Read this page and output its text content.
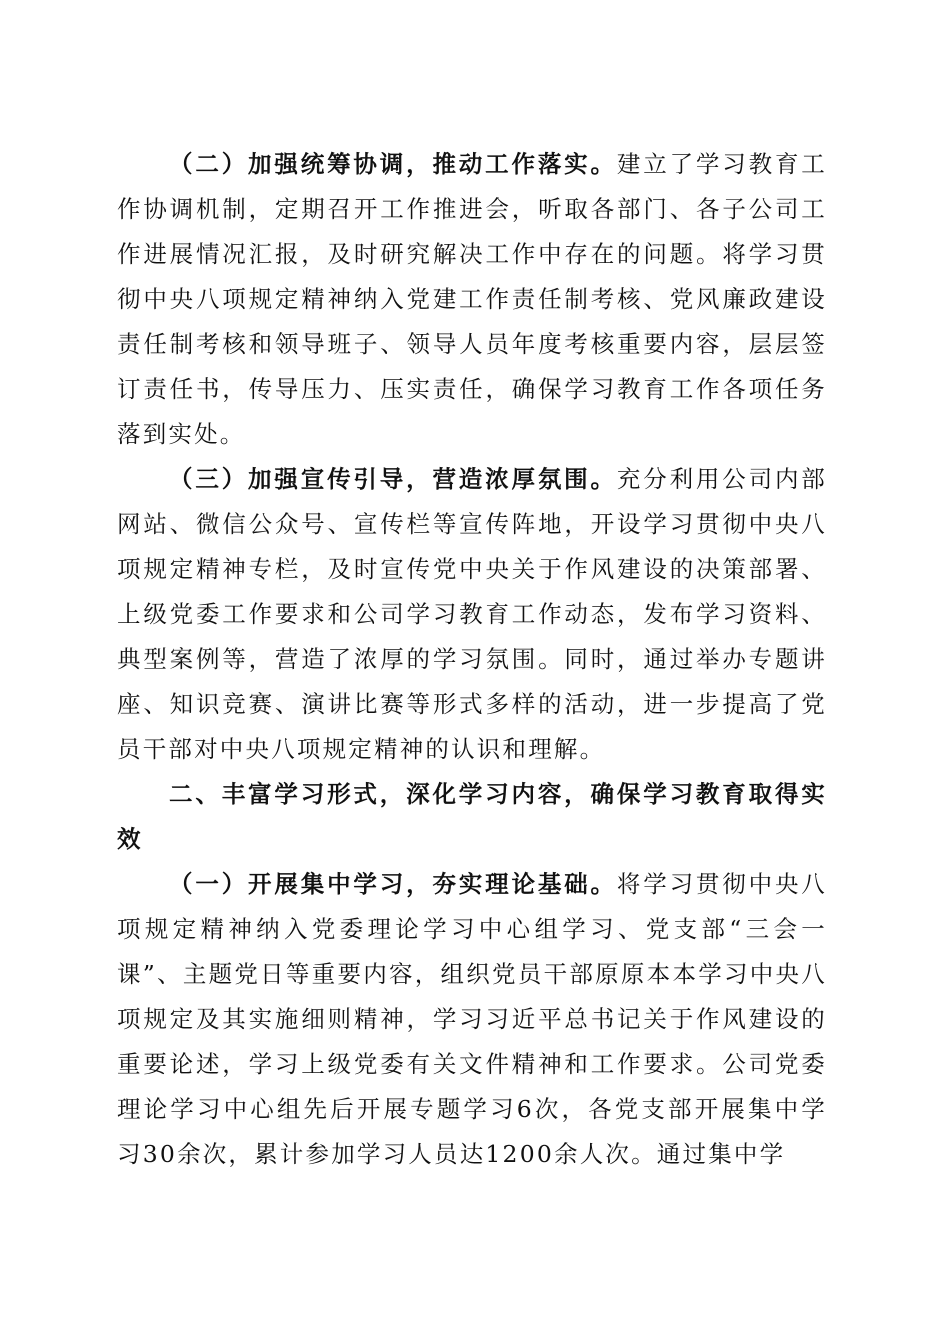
（二）加强统筹协调，推动工作落实。建立了学习教育工作协调机制，定期召开工作推进会，听取各部门、各子公司工作进展情况汇报，及时研究解决工作中存在的问题。将学习贯彻中央八项规定精神纳入党建工作责任制考核、党风廉政建设责任制考核和领导班子、领导人员年度考核重要内容，层层签订责任书，传导压力、压实责任，确保学习教育工作各项任务落到实处。

（三）加强宣传引导，营造浓厚氛围。充分利用公司内部网站、微信公众号、宣传栏等宣传阵地，开设学习贯彻中央八项规定精神专栏，及时宣传党中央关于作风建设的决策部署、上级党委工作要求和公司学习教育工作动态，发布学习资料、典型案例等，营造了浓厚的学习氛围。同时，通过举办专题讲座、知识竞赛、演讲比赛等形式多样的活动，进一步提高了党员干部对中央八项规定精神的认识和理解。

二、丰富学习形式，深化学习内容，确保学习教育取得实效

（一）开展集中学习，夯实理论基础。将学习贯彻中央八项规定精神纳入党委理论学习中心组学习、党支部“三会一课”、主题党日等重要内容，组织党员干部原原本本学习中央八项规定及其实施细则精神，学习习近平总书记关于作风建设的重要论述，学习上级党委有关文件精神和工作要求。公司党委理论学习中心组先后开展专题学习6次，各党支部开展集中学习30余次，累计参加学习人员达1200余人次。通过集中学
